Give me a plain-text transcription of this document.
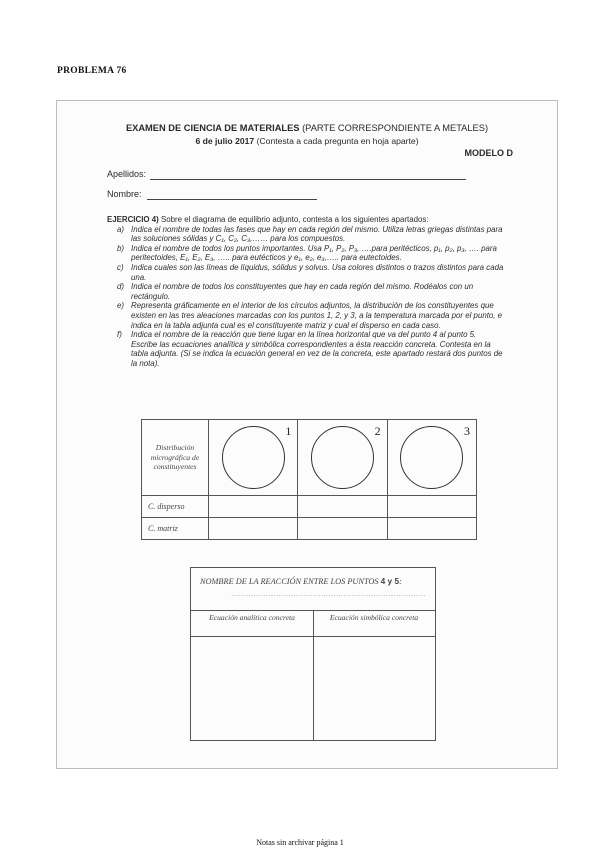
PROBLEMA 76
EXAMEN DE CIENCIA DE MATERIALES (PARTE CORRESPONDIENTE A METALES)
6 de julio 2017 (Contesta a cada pregunta en hoja aparte)
MODELO D
Apellidos:
Nombre:
EJERCICIO 4) Sobre el diagrama de equilibrio adjunto, contesta a los siguientes apartados:
a) Indica el nombre de todas las fases que hay en cada región del mismo. Utiliza letras griegas distintas para las soluciones sólidas y C₁, C₂, C₃,…… para los compuestos.
b) Indica el nombre de todos los puntos importantes. Usa P₁, P₂, P₃, ….para peritécticos, p₁, p₂, p₃, …. para peritectoides, E₁, E₂, E₃, ….. para eutécticos y e₁, e₂, e₃,….. para eutectoides.
c) Indica cuales son las líneas de líquidus, sólidus y solvus. Usa colores distintos o trazos distintos para cada una.
d) Indica el nombre de todos los constituyentes que hay en cada región del mismo. Rodéalos con un rectángulo.
e) Representa gráficamente en el interior de los círculos adjuntos, la distribución de los constituyentes que existen en las tres aleaciones marcadas con los puntos 1, 2, y 3, a la temperatura marcada por el punto, e indica en la tabla adjunta cual es el constituyente matriz y cual el disperso en cada caso.
f) Indica el nombre de la reacción que tiene lugar en la línea horizontal que va del punto 4 al punto 5. Escribe las ecuaciones analítica y simbólica correspondientes a ésta reacción concreta. Contesta en la tabla adjunta. (Si se indica la ecuación general en vez de la concreta, este apartado restará dos puntos de la nota).
Distribución micrográfica de constituyentes	1	2	3

C. disperso			
C. matriz			
NOMBRE DE LA REACCIÓN ENTRE LOS PUNTOS 4 y 5:
……………………………………………………………………
Ecuación analítica concreta	Ecuación simbólica concreta
Notas sin archivar página 1
